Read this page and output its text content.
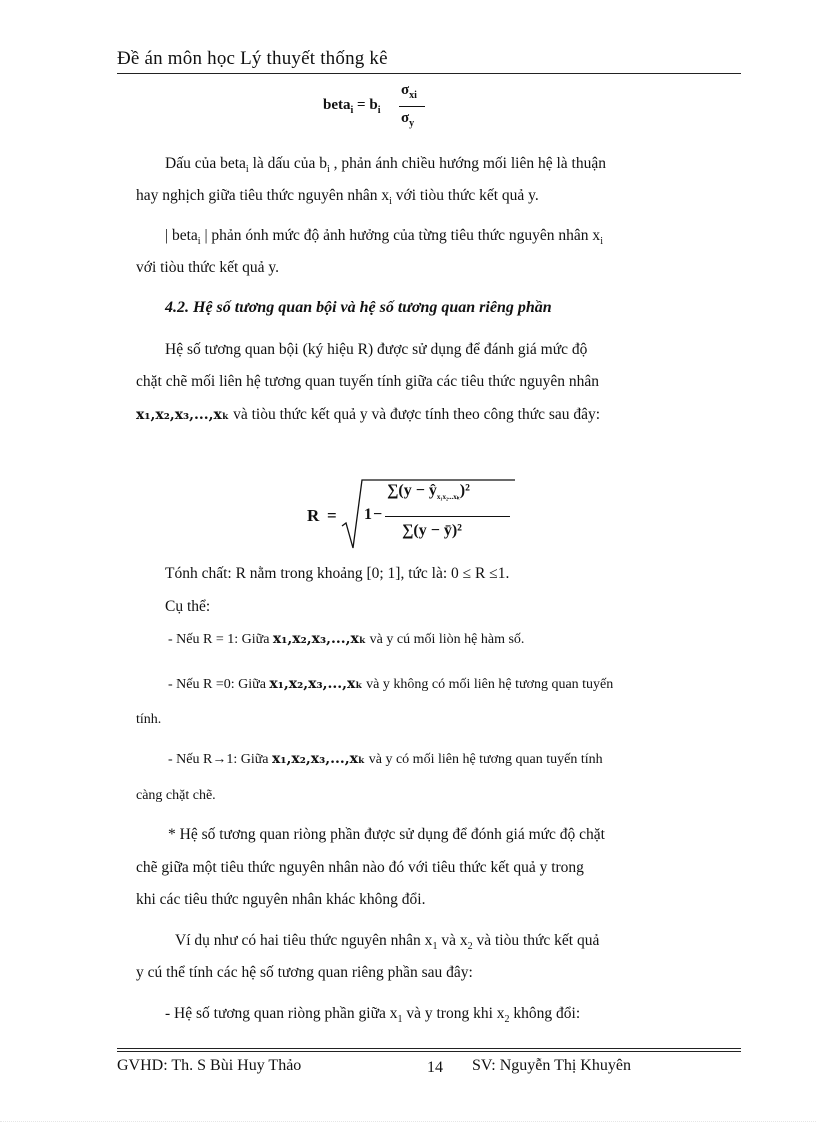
Đề án môn học Lý thuyết thống kê
beta$_i$ = $b_i$
$\sigma_{xi}$
$\sigma_y$
Dấu của beta$_i$ là dấu của $b_i$ , phản ánh chiều hướng mối liên hệ là thuận
hay nghịch giữa tiêu thức nguyên nhân $x_i$ với tiòu thức kết quả y.
| beta$_i$ | phản ónh mức độ ảnh hưởng của từng tiêu thức nguyên nhân $x_i$
với tiòu thức kết quả y.
4.2. Hệ số tương quan bội và hệ số tương quan riêng phần
Hệ số tương quan bội (ký hiệu R) được sử dụng để đánh giá mức độ
chặt chẽ mối liên hệ tương quan tuyến tính giữa các tiêu thức nguyên nhân
x₁,x₂,x₃,...,xₖ và tiòu thức kết quả y và được tính theo công thức sau đây:
R = 1 −
$\sum(y - ŷ_{x_1x_2...x_k})^2$
∑(y − ȳ)²
Tónh chất: R nằm trong khoảng [0; 1], tức là: 0 ≤ R ≤1.
Cụ thể:
- Nếu R = 1: Giữa x₁,x₂,x₃,...,xₖ và y cú mối liòn hệ hàm số.
- Nếu R =0: Giữa x₁,x₂,x₃,...,xₖ và y không có mối liên hệ tương quan tuyến
tính.
- Nếu R→1: Giữa x₁,x₂,x₃,...,xₖ và y có mối liên hệ tương quan tuyến tính
càng chặt chẽ.
* Hệ số tương quan riòng phần được sử dụng để đónh giá mức độ chặt
chẽ giữa một tiêu thức nguyên nhân nào đó với tiêu thức kết quả y trong
khi các tiêu thức nguyên nhân khác không đổi.
Ví dụ như có hai tiêu thức nguyên nhân $x_1$ và $x_2$ và tiòu thức kết quả
y cú thể tính các hệ số tương quan riêng phần sau đây:
- Hệ số tương quan riòng phần giữa $x_1$ và y trong khi $x_2$ không đổi:
GVHD: Th. S Bùi Huy Thảo	14 SV: Nguyễn Thị Khuyên
